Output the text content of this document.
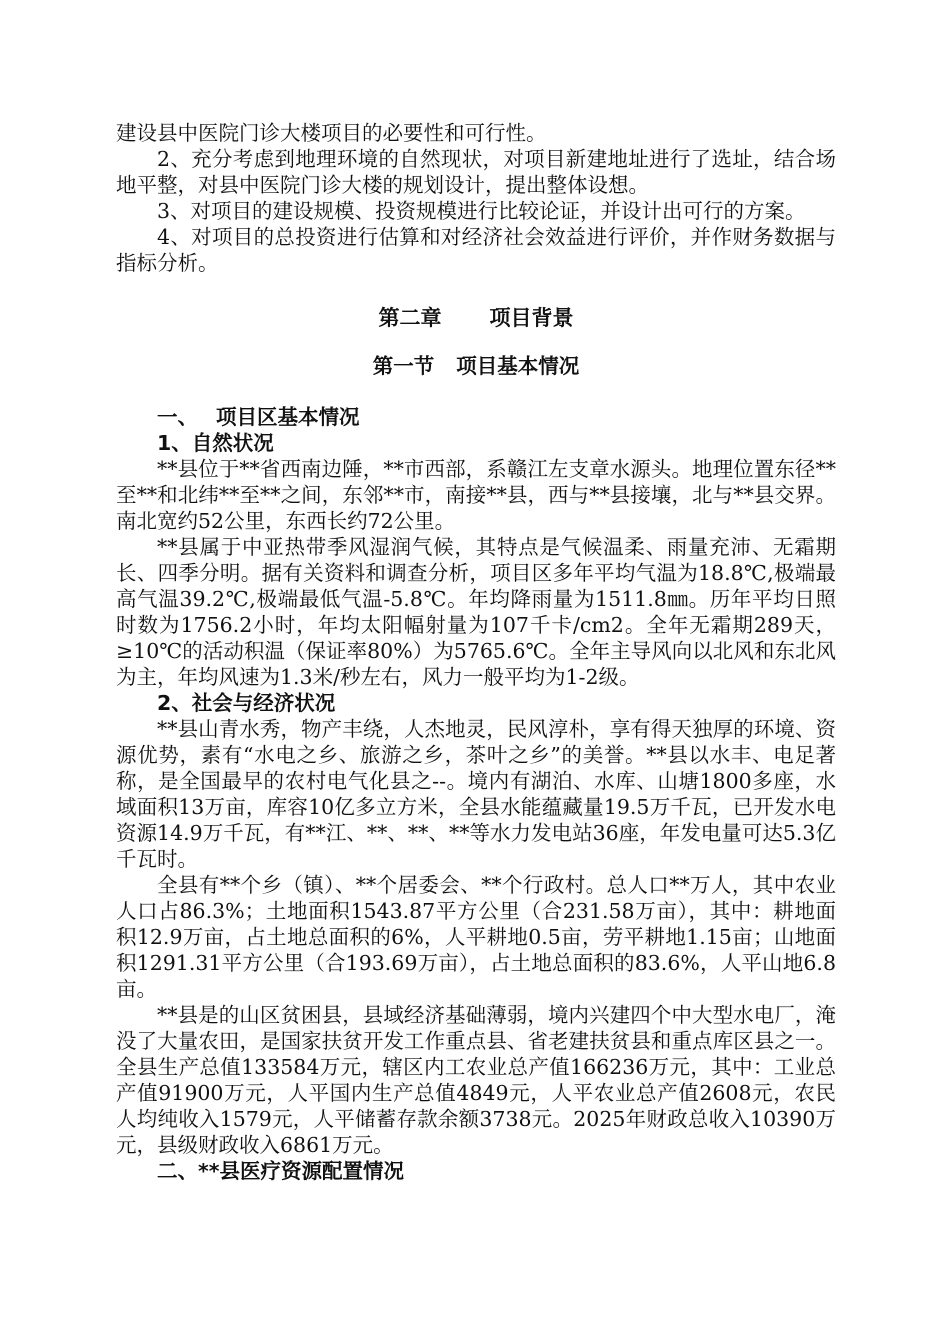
建设县中医院门诊大楼项目的必要性和可行性。

2、充分考虑到地理环境的自然现状，对项目新建地址进行了选址，结合场地平整，对县中医院门诊大楼的规划设计，提出整体设想。

3、对项目的建设规模、投资规模进行比较论证，并设计出可行的方案。

4、对项目的总投资进行估算和对经济社会效益进行评价，并作财务数据与指标分析。

第二章 项目背景
第一节 项目基本情况
一、 项目区基本情况
1、自然状况

**县位于**省西南边陲，**市西部，系赣江左支章水源头。地理位置东径**至**和北纬**至**之间，东邻**市，南接**县，西与**县接壤，北与**县交界。南北宽约52公里，东西长约72公里。

**县属于中亚热带季风湿润气候，其特点是气候温柔、雨量充沛、无霜期长、四季分明。据有关资料和调查分析，项目区多年平均气温为18.8℃,极端最高气温39.2℃,极端最低气温-5.8℃。年均降雨量为1511.8㎜。历年平均日照时数为1756.2小时，年均太阳幅射量为107千卡/cm2。全年无霜期289天，≥10℃的活动积温（保证率80%）为5765.6℃。全年主导风向以北风和东北风为主，年均风速为1.3米/秒左右，风力一般平均为1-2级。

2、社会与经济状况

**县山青水秀，物产丰绕，人杰地灵，民风淳朴，享有得天独厚的环境、资源优势，素有“水电之乡、旅游之乡，茶叶之乡”的美誉。**县以水丰、电足著称，是全国最早的农村电气化县之--。境内有湖泊、水库、山塘1800多座，水域面积13万亩，库容10亿多立方米，全县水能蕴藏量19.5万千瓦，已开发水电资源14.9万千瓦，有**江、**、**、**等水力发电站36座，年发电量可达5.3亿千瓦时。

全县有**个乡（镇）、**个居委会、**个行政村。总人口**万人，其中农业人口占86.3%；土地面积1543.87平方公里（合231.58万亩），其中：耕地面积12.9万亩，占土地总面积的6%，人平耕地0.5亩，劳平耕地1.15亩；山地面积1291.31平方公里（合193.69万亩），占土地总面积的83.6%，人平山地6.8亩。

**县是的山区贫困县，县域经济基础薄弱，境内兴建四个中大型水电厂，淹没了大量农田，是国家扶贫开发工作重点县、省老建扶贫县和重点库区县之一。全县生产总值133584万元，辖区内工农业总产值166236万元，其中：工业总产值91900万元，人平国内生产总值4849元，人平农业总产值2608元，农民人均纯收入1579元，人平储蓄存款余额3738元。2025年财政总收入10390万元，县级财政收入6861万元。

二、**县医疗资源配置情况
